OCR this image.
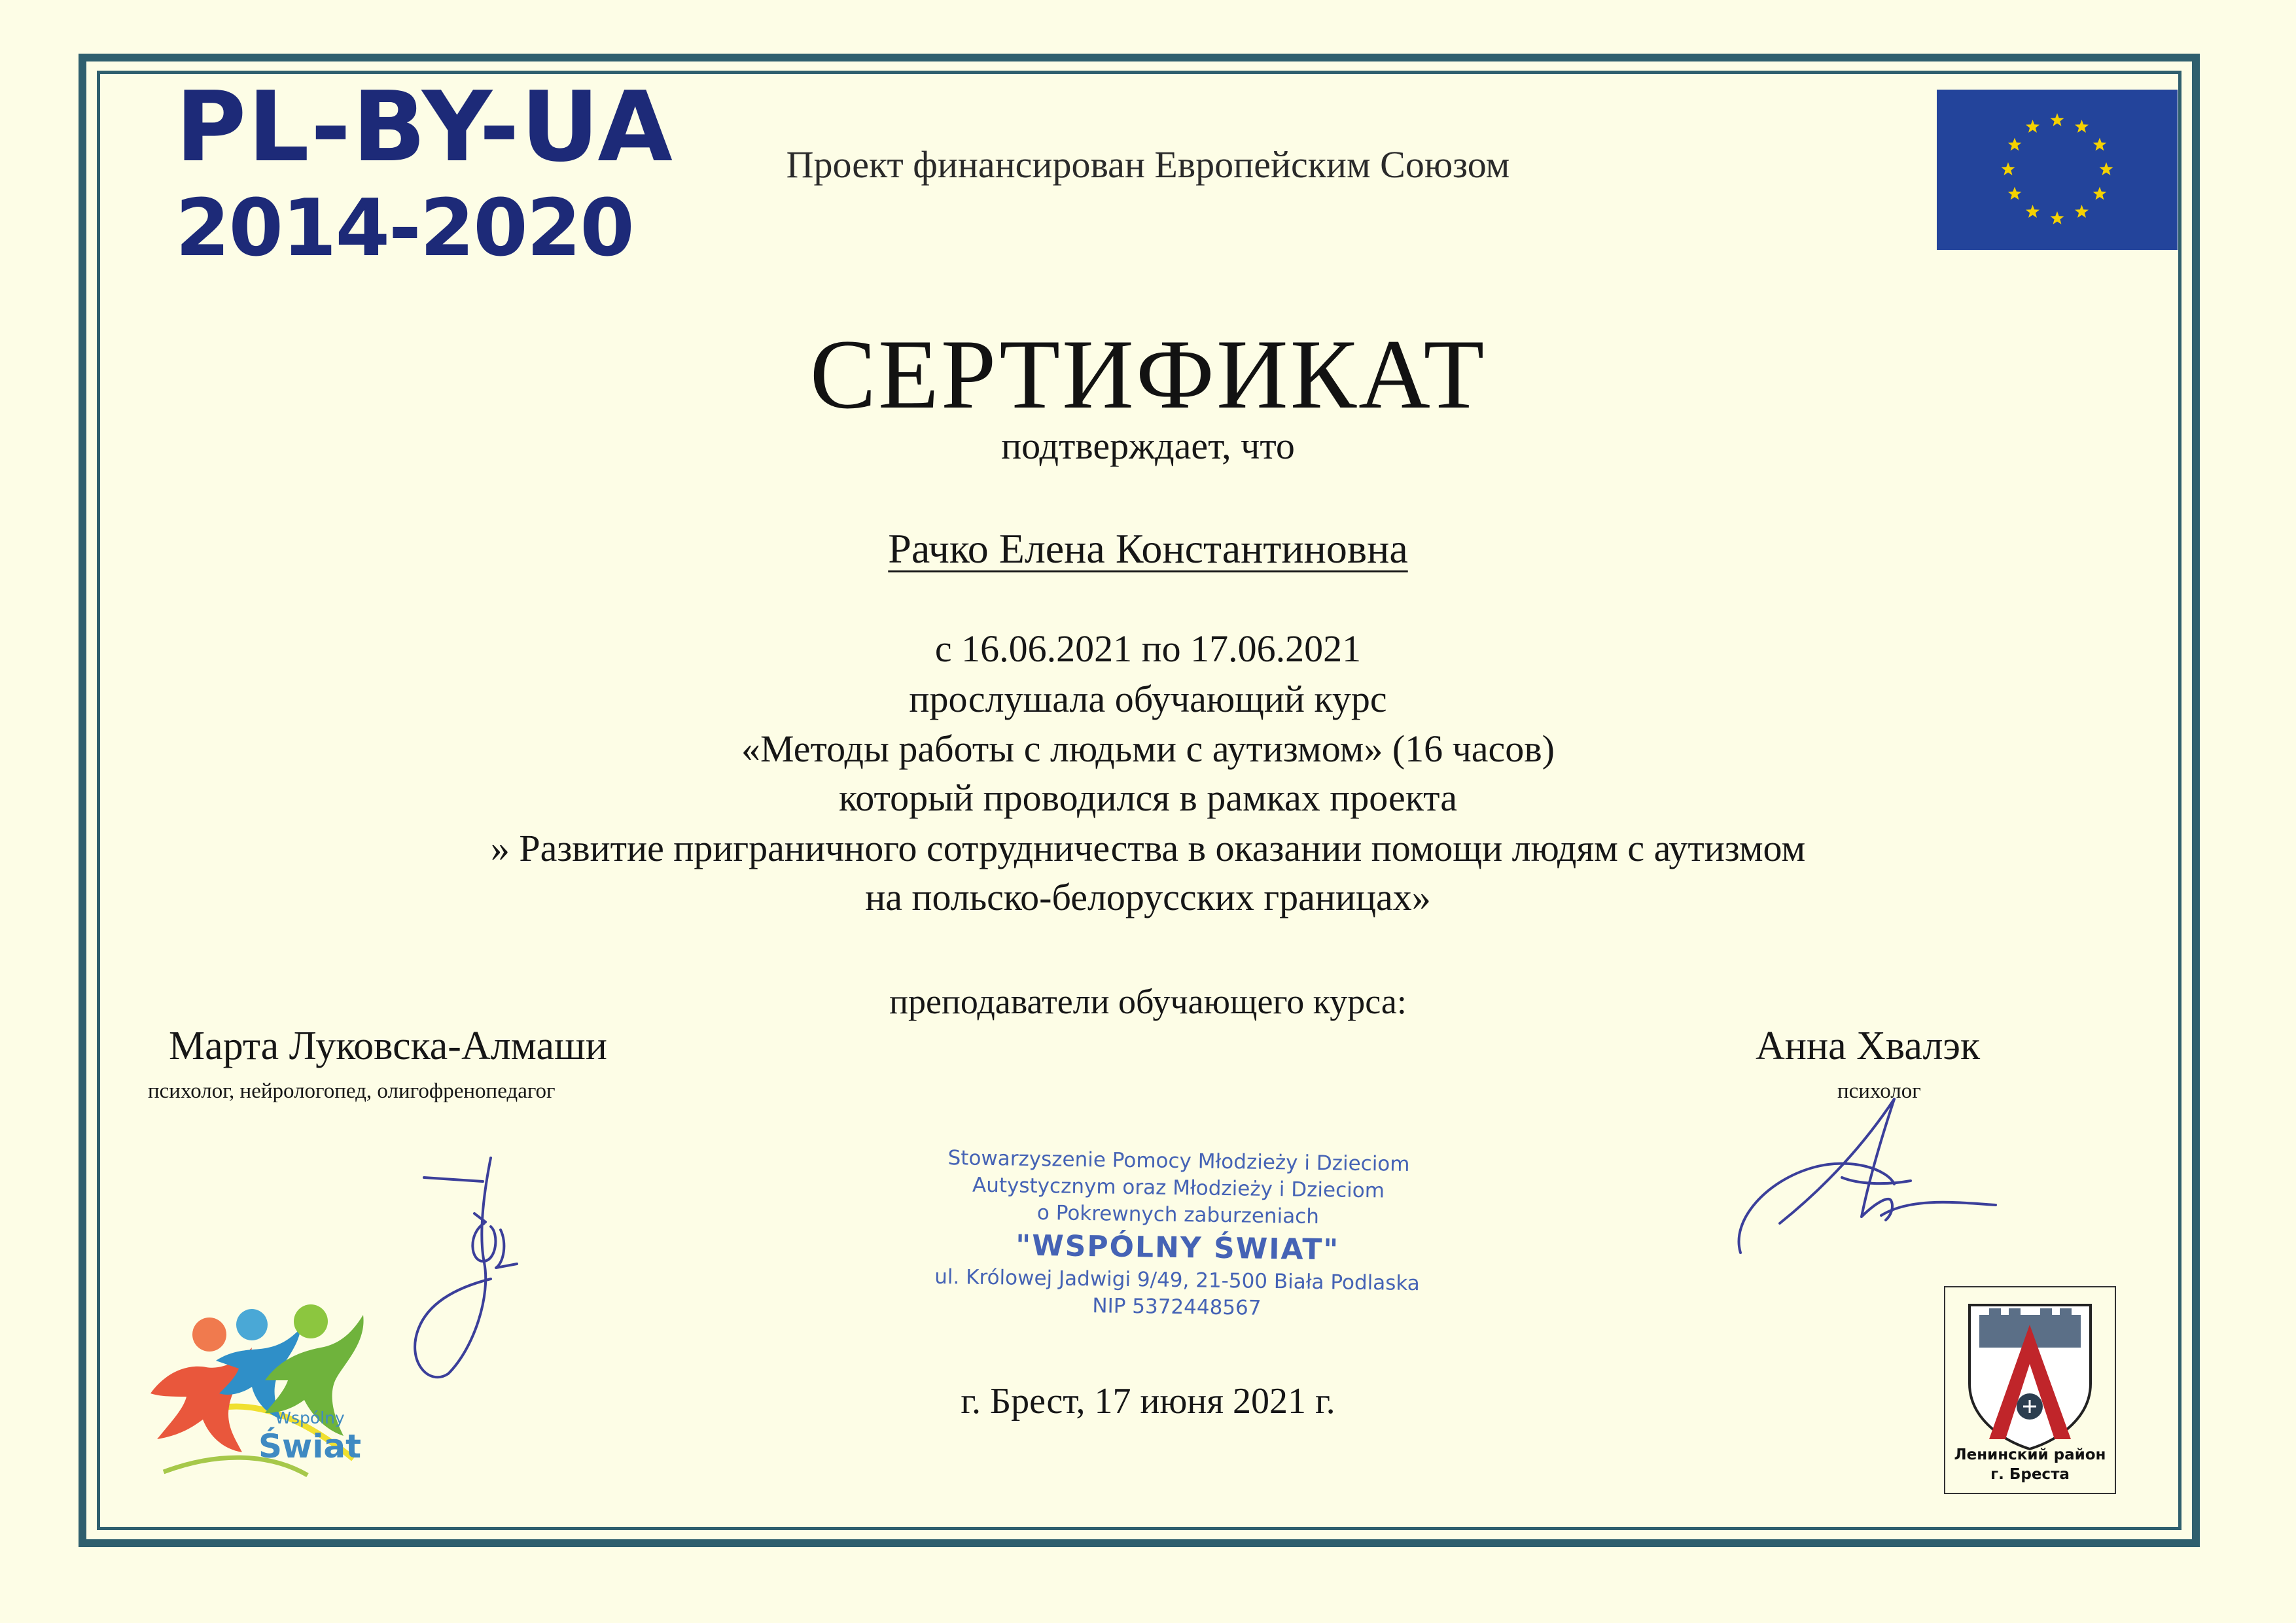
PL-BY-UA
2014-2020
Проект финансирован Европейским Союзом
СЕРТИФИКАТ
подтверждает, что
Рачко Елена Константиновна
с 16.06.2021 по 17.06.2021
прослушала обучающий курс
«Методы работы с людьми с аутизмом» (16 часов)
который проводился в рамках проекта
» Развитие приграничного сотрудничества в оказании помощи людям с аутизмом
на польско-белорусских границах»
преподаватели обучающего курса:
Марта Луковска-Алмаши
психолог, нейрологопед, олигофренопедагог
Анна Хвалэк
психолог
Stowarzyszenie Pomocy Młodzieży i Dzieciom
Autystycznym oraz Młodzieży i Dzieciom
o Pokrewnych zaburzeniach
"WSPÓLNY ŚWIAT"
ul. Królowej Jadwigi 9/49, 21-500 Biała Podlaska
NIP 5372448567
г. Брест, 17 июня 2021 г.
Wspólny
Świat	Ленинский район
г. Бреста
